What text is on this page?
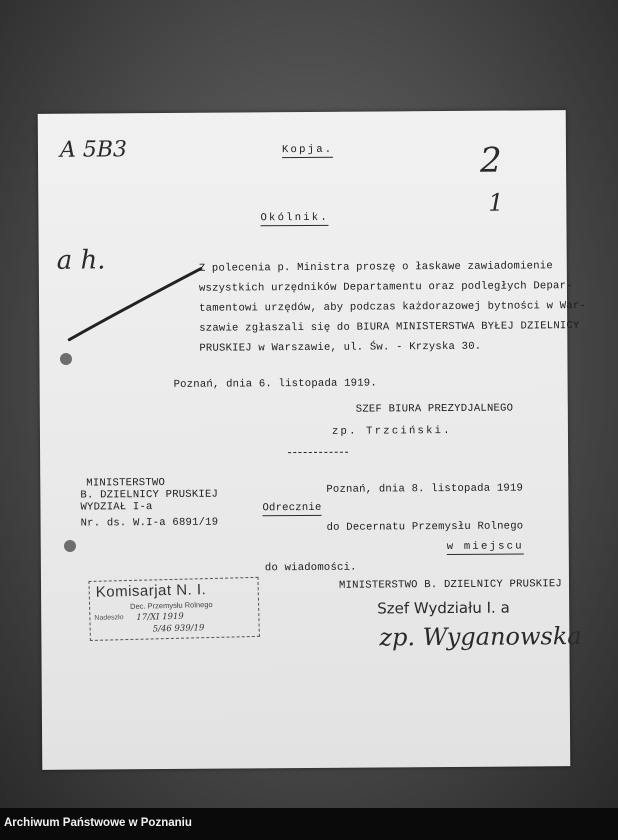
A 5B3	2
1
a h.
Kopja.
Okólnik.
Z polecenia p. Ministra proszę o łaskawe zawiadomienie
wszystkich urzędników Departamentu oraz podległych Depar-
tamentowi urzędów, aby podczas każdorazowej bytności w War-
szawie zgłaszali się do BIURA MINISTERSTWA BYŁEJ DZIELNICY
PRUSKIEJ w Warszawie, ul. Św. - Krzyska 30.
Poznań, dnia 6. listopada 1919.
SZEF BIURA PREZYDJALNEGO
zp. Trzciński.
MINISTERSTWO
B. DZIELNICY PRUSKIEJ
WYDZIAŁ I-a
Nr. ds. W.I-a 6891/19
Poznań, dnia 8. listopada 1919
Odrecznie
do Decernatu Przemysłu Rolnego
w miejscu
do wiadomości.
MINISTERSTWO B. DZIELNICY PRUSKIEJ
Szef Wydziału I. a
zp. Wyganowska
Komisarjat N. I.
Dec. Przemysłu Rolnego
Nadeszło 17/XI 1919
5/46 939/19
Archiwum Państwowe w Poznaniu
